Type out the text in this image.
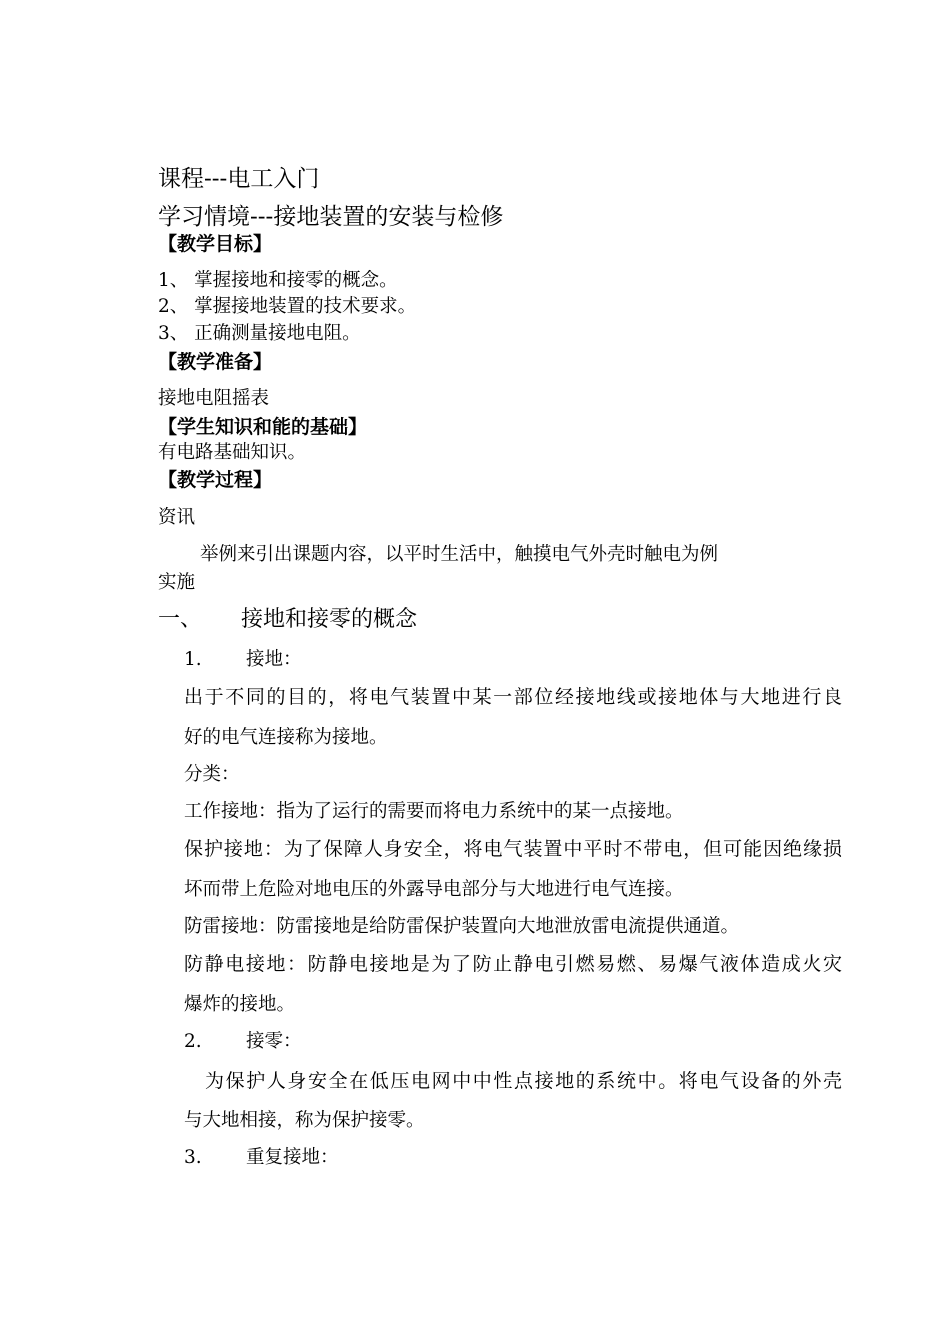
课程---电工入门
学习情境---接地装置的安装与检修
【教学目标】
1、 掌握接地和接零的概念。
2、 掌握接地装置的技术要求。
3、 正确测量接地电阻。
【教学准备】
接地电阻摇表
【学生知识和能的基础】
有电路基础知识。
【教学过程】
资讯
举例来引出课题内容，以平时生活中，触摸电气外壳时触电为例
实施
一、 接地和接零的概念
1. 接地：
出于不同的目的，将电气装置中某一部位经接地线或接地体与大地进行良
好的电气连接称为接地。
分类：
工作接地：指为了运行的需要而将电力系统中的某一点接地。
保护接地：为了保障人身安全，将电气装置中平时不带电，但可能因绝缘损
坏而带上危险对地电压的外露导电部分与大地进行电气连接。
防雷接地：防雷接地是给防雷保护装置向大地泄放雷电流提供通道。
防静电接地：防静电接地是为了防止静电引燃易燃、易爆气液体造成火灾
爆炸的接地。
2. 接零：
为保护人身安全在低压电网中中性点接地的系统中。将电气设备的外壳
与大地相接，称为保护接零。
3. 重复接地：
